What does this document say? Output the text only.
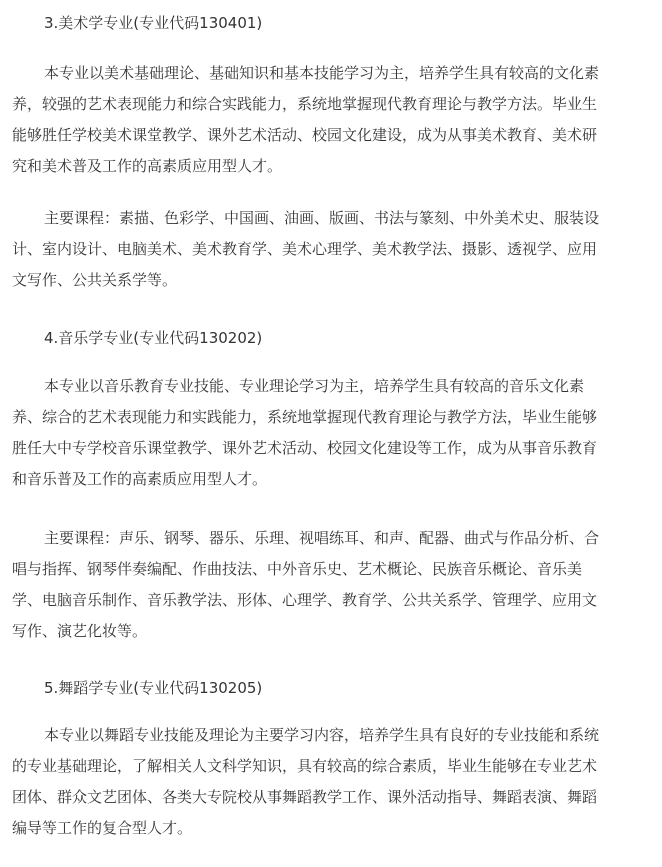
3.美术学专业(专业代码130401)
本专业以美术基础理论、基础知识和基本技能学习为主，培养学生具有较高的文化素
养，较强的艺术表现能力和综合实践能力，系统地掌握现代教育理论与教学方法。毕业生
能够胜任学校美术课堂教学、课外艺术活动、校园文化建设，成为从事美术教育、美术研
究和美术普及工作的高素质应用型人才。
主要课程：素描、色彩学、中国画、油画、版画、书法与篆刻、中外美术史、服装设
计、室内设计、电脑美术、美术教育学、美术心理学、美术教学法、摄影、透视学、应用
文写作、公共关系学等。
4.音乐学专业(专业代码130202)
本专业以音乐教育专业技能、专业理论学习为主，培养学生具有较高的音乐文化素
养、综合的艺术表现能力和实践能力，系统地掌握现代教育理论与教学方法，毕业生能够
胜任大中专学校音乐课堂教学、课外艺术活动、校园文化建设等工作，成为从事音乐教育
和音乐普及工作的高素质应用型人才。
主要课程：声乐、钢琴、器乐、乐理、视唱练耳、和声、配器、曲式与作品分析、合
唱与指挥、钢琴伴奏编配、作曲技法、中外音乐史、艺术概论、民族音乐概论、音乐美
学、电脑音乐制作、音乐教学法、形体、心理学、教育学、公共关系学、管理学、应用文
写作、演艺化妆等。
5.舞蹈学专业(专业代码130205)
本专业以舞蹈专业技能及理论为主要学习内容，培养学生具有良好的专业技能和系统
的专业基础理论，了解相关人文科学知识，具有较高的综合素质，毕业生能够在专业艺术
团体、群众文艺团体、各类大专院校从事舞蹈教学工作、课外活动指导、舞蹈表演、舞蹈
编导等工作的复合型人才。
